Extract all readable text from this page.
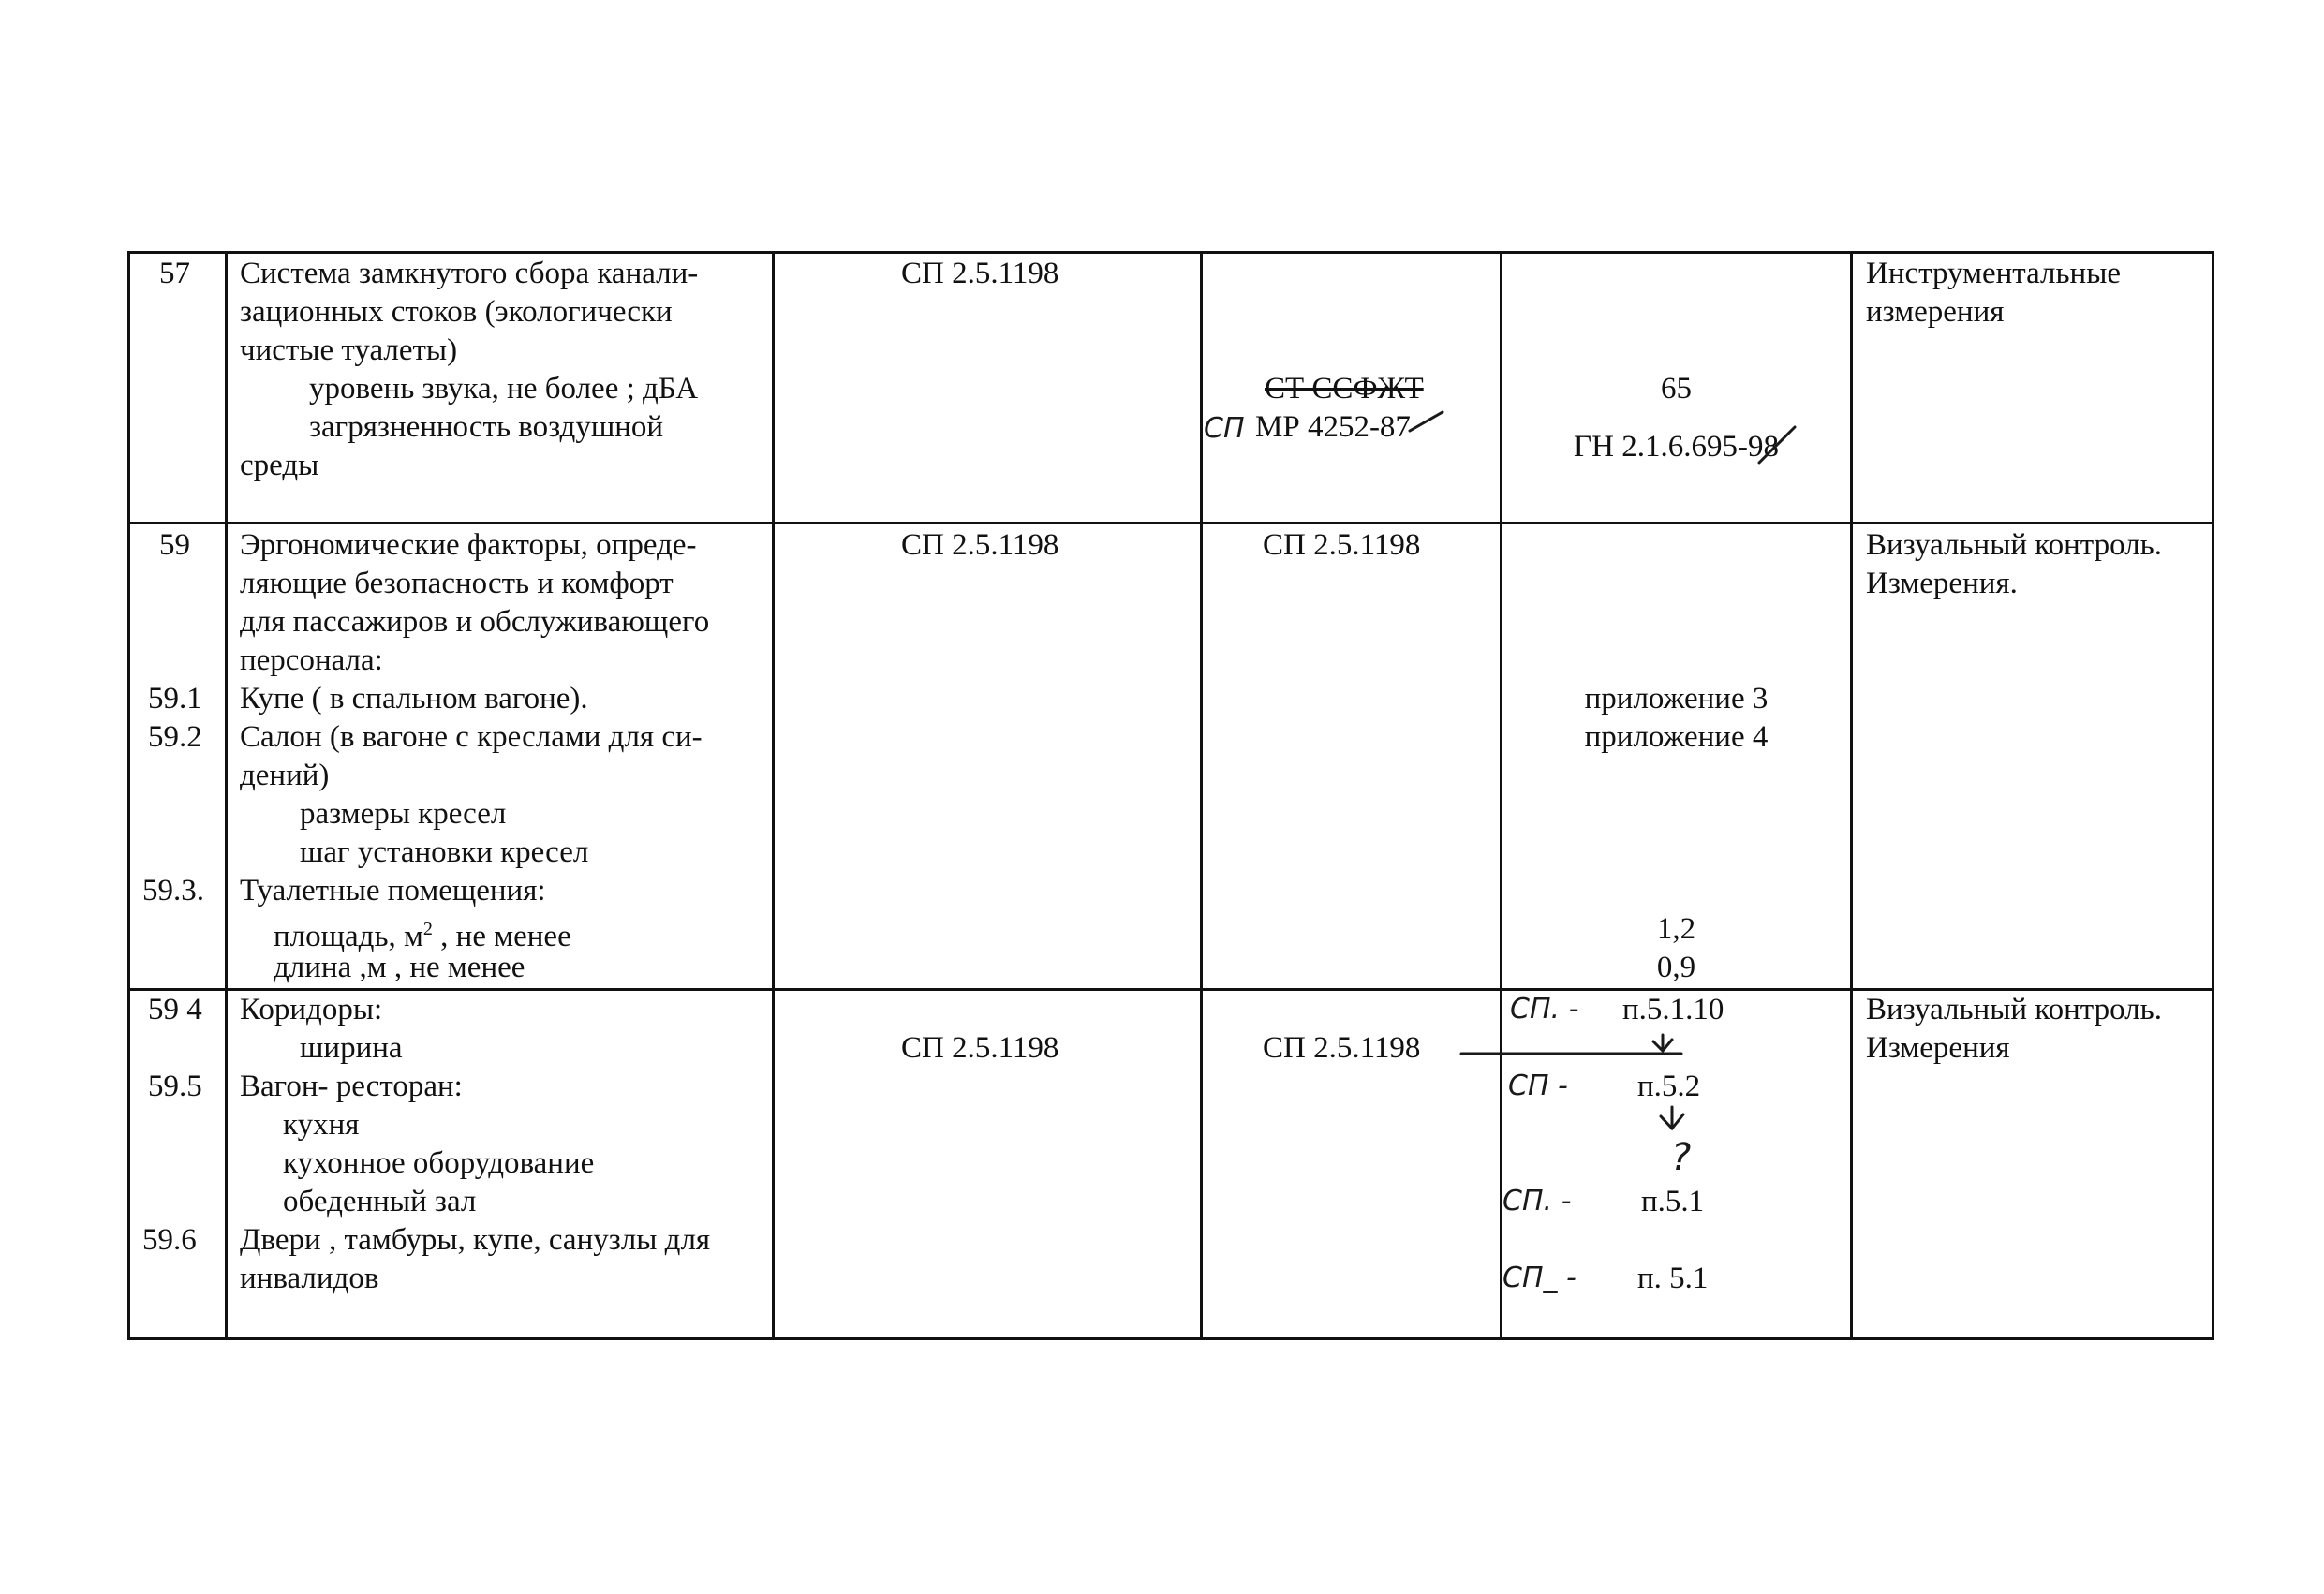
57 Система замкнутого сбора канали-
зационных стоков (экологически
чистые туалеты)
уровень звука, не более ; дБА
загрязненность воздушной
среды
СП 2.5.1198
СТ ССФЖТ
СП МР 4252-87
65
ГН 2.1.6.695-98
Инструментальные
измерения
59 Эргономические факторы, опреде-
ляющие безопасность и комфорт
для пассажиров и обслуживающего
персонала:
59.1 Купе ( в спальном вагоне).
59.2 Салон (в вагоне с креслами для си-
дений)
размеры кресел
шаг установки кресел
59.3. Туалетные помещения:
площадь, $м^2$ , не менее
длина ,м , не менее
СП 2.5.1198	СП 2.5.1198
приложение 3
приложение 4
1,2
0,9
Визуальный контроль.
Измерения.
59 4 Коридоры:
ширина
59.5 Вагон- ресторан:
кухня
кухонное оборудование
обеденный зал
59.6 Двери , тамбуры, купе, санузлы для
инвалидов
СП 2.5.1198	СП 2.5.1198
СП. - п.5.1.10
СП - п.5.2
?
СП. - п.5.1
СП_ - п. 5.1
Визуальный контроль.
Измерения
